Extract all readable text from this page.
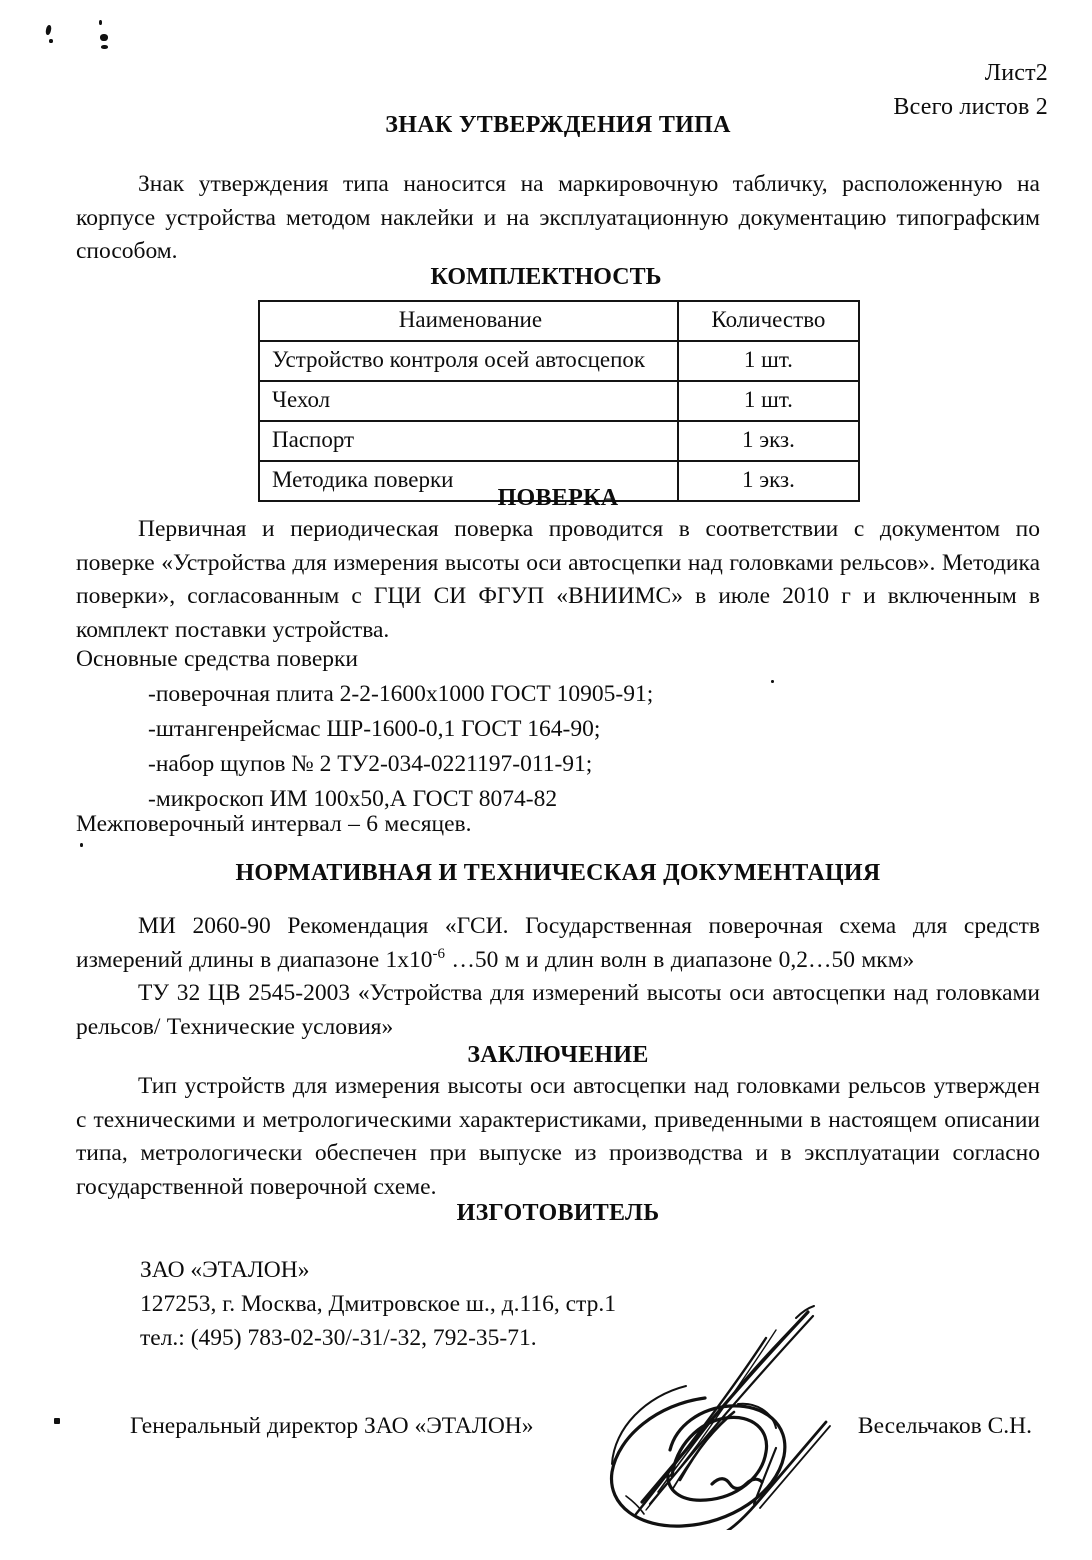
Лист2
Всего листов 2
ЗНАК УТВЕРЖДЕНИЯ ТИПА

Знак утверждения типа наносится на маркировочную табличку, расположенную на корпусе устройства методом наклейки и на эксплуатационную документацию типографским способом.

КОМПЛЕКТНОСТЬ
Наименование	Количество
Устройство контроля осей автосцепок	1 шт.
Чехол	1 шт.
Паспорт	1 экз.
Методика поверки	1 экз.
ПОВЕРКА

Первичная и периодическая поверка проводится в соответствии с документом по поверке «Устройства для измерения высоты оси автосцепки над головками рельсов». Методика поверки», согласованным с ГЦИ СИ ФГУП «ВНИИМС» в июле 2010 г и включенным в комплект поставки устройства.

Основные средства поверки

-поверочная плита 2-2-1600х1000 ГОСТ 10905-91;
-штангенрейсмас ШР-1600-0,1 ГОСТ 164-90;
-набор щупов № 2 ТУ2-034-0221197-011-91;
-микроскоп ИМ 100х50,А ГОСТ 8074-82

Межповерочный интервал – 6 месяцев.

НОРМАТИВНАЯ И ТЕХНИЧЕСКАЯ ДОКУМЕНТАЦИЯ

МИ 2060-90 Рекомендация «ГСИ. Государственная поверочная схема для средств измерений длины в диапазоне $1х10^{-6}$ …50 м и длин волн в диапазоне 0,2…50 мкм»

ТУ 32 ЦВ 2545-2003 «Устройства для измерений высоты оси автосцепки над головками рельсов/ Технические условия»

ЗАКЛЮЧЕНИЕ

Тип устройств для измерения высоты оси автосцепки над головками рельсов утвержден с техническими и метрологическими характеристиками, приведенными в настоящем описании типа, метрологически обеспечен при выпуске из производства и в эксплуатации согласно государственной поверочной схеме.

ИЗГОТОВИТЕЛЬ
ЗАО «ЭТАЛОН»
127253, г. Москва, Дмитровское ш., д.116, стр.1
тел.: (495) 783-02-30/-31/-32, 792-35-71.
Генеральный директор ЗАО «ЭТАЛОН»	Весельчаков С.Н.
